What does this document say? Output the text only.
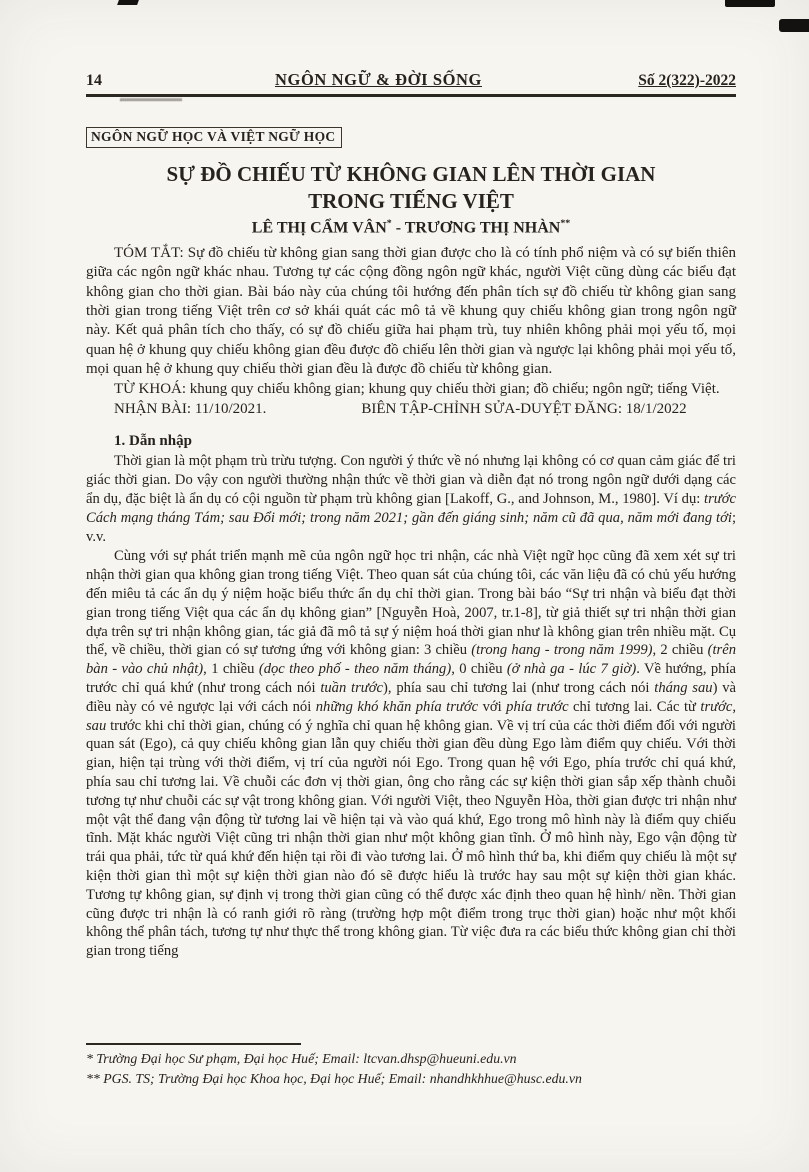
14	NGÔN NGỮ & ĐỜI SỐNG	Số 2(322)-2022
NGÔN NGỮ HỌC VÀ VIỆT NGỮ HỌC
SỰ ĐỒ CHIẾU TỪ KHÔNG GIAN LÊN THỜI GIAN
TRONG TIẾNG VIỆT
LÊ THỊ CẨM VÂN* - TRƯƠNG THỊ NHÀN**

TÓM TẮT: Sự đồ chiếu từ không gian sang thời gian được cho là có tính phổ niệm và có sự biến thiên giữa các ngôn ngữ khác nhau. Tương tự các cộng đồng ngôn ngữ khác, người Việt cũng dùng các biểu đạt không gian cho thời gian. Bài báo này của chúng tôi hướng đến phân tích sự đồ chiếu từ không gian sang thời gian trong tiếng Việt trên cơ sở khái quát các mô tả về khung quy chiếu không gian trong ngôn ngữ này. Kết quả phân tích cho thấy, có sự đồ chiếu giữa hai phạm trù, tuy nhiên không phải mọi yếu tố, mọi quan hệ ở khung quy chiếu không gian đều được đồ chiếu lên thời gian và ngược lại không phải mọi yếu tố, mọi quan hệ ở khung quy chiếu thời gian đều là được đồ chiếu từ không gian.

TỪ KHOÁ: khung quy chiếu không gian; khung quy chiếu thời gian; đồ chiếu; ngôn ngữ; tiếng Việt.

NHẬN BÀI: 11/10/2021.	BIÊN TẬP-CHỈNH SỬA-DUYỆT ĐĂNG: 18/1/2022
1. Dẫn nhập

Thời gian là một phạm trù trừu tượng. Con người ý thức về nó nhưng lại không có cơ quan cảm giác để tri giác thời gian. Do vậy con người thường nhận thức về thời gian và diễn đạt nó trong ngôn ngữ dưới dạng các ẩn dụ, đặc biệt là ẩn dụ có cội nguồn từ phạm trù không gian [Lakoff, G., and Johnson, M., 1980]. Ví dụ: trước Cách mạng tháng Tám; sau Đổi mới; trong năm 2021; gần đến giáng sinh; năm cũ đã qua, năm mới đang tới; v.v.

Cùng với sự phát triển mạnh mẽ của ngôn ngữ học tri nhận, các nhà Việt ngữ học cũng đã xem xét sự tri nhận thời gian qua không gian trong tiếng Việt. Theo quan sát của chúng tôi, các văn liệu đã có chủ yếu hướng đến miêu tả các ẩn dụ ý niệm hoặc biểu thức ẩn dụ chỉ thời gian. Trong bài báo “Sự tri nhận và biểu đạt thời gian trong tiếng Việt qua các ẩn dụ không gian” [Nguyễn Hoà, 2007, tr.1-8], từ giả thiết sự tri nhận thời gian dựa trên sự tri nhận không gian, tác giả đã mô tả sự ý niệm hoá thời gian như là không gian trên nhiều mặt. Cụ thể, về chiều, thời gian có sự tương ứng với không gian: 3 chiều (trong hang - trong năm 1999), 2 chiều (trên bàn - vào chủ nhật), 1 chiều (dọc theo phố - theo năm tháng), 0 chiều (ở nhà ga - lúc 7 giờ). Về hướng, phía trước chỉ quá khứ (như trong cách nói tuần trước), phía sau chỉ tương lai (như trong cách nói tháng sau) và điều này có vẻ ngược lại với cách nói những khó khăn phía trước với phía trước chỉ tương lai. Các từ trước, sau trước khi chỉ thời gian, chúng có ý nghĩa chỉ quan hệ không gian. Về vị trí của các thời điểm đối với người quan sát (Ego), cả quy chiếu không gian lẫn quy chiếu thời gian đều dùng Ego làm điểm quy chiếu. Với thời gian, hiện tại trùng với thời điểm, vị trí của người nói Ego. Trong quan hệ với Ego, phía trước chỉ quá khứ, phía sau chỉ tương lai. Về chuỗi các đơn vị thời gian, ông cho rằng các sự kiện thời gian sắp xếp thành chuỗi tương tự như chuỗi các sự vật trong không gian. Với người Việt, theo Nguyễn Hòa, thời gian được tri nhận như một vật thể đang vận động từ tương lai về hiện tại và vào quá khứ, Ego trong mô hình này là điểm quy chiếu tĩnh. Mặt khác người Việt cũng tri nhận thời gian như một không gian tĩnh. Ở mô hình này, Ego vận động từ trái qua phải, tức từ quá khứ đến hiện tại rồi đi vào tương lai. Ở mô hình thứ ba, khi điểm quy chiếu là một sự kiện thời gian thì một sự kiện thời gian nào đó sẽ được hiểu là trước hay sau một sự kiện thời gian khác. Tương tự không gian, sự định vị trong thời gian cũng có thể được xác định theo quan hệ hình/ nền. Thời gian cũng được tri nhận là có ranh giới rõ ràng (trường hợp một điểm trong trục thời gian) hoặc như một khối không thể phân tách, tương tự như thực thể trong không gian. Từ việc đưa ra các biểu thức không gian chỉ thời gian trong tiếng

* Trường Đại học Sư phạm, Đại học Huế; Email: ltcvan.dhsp@hueuni.edu.vn
** PGS. TS; Trường Đại học Khoa học, Đại học Huế; Email: nhandhkhhue@husc.edu.vn
